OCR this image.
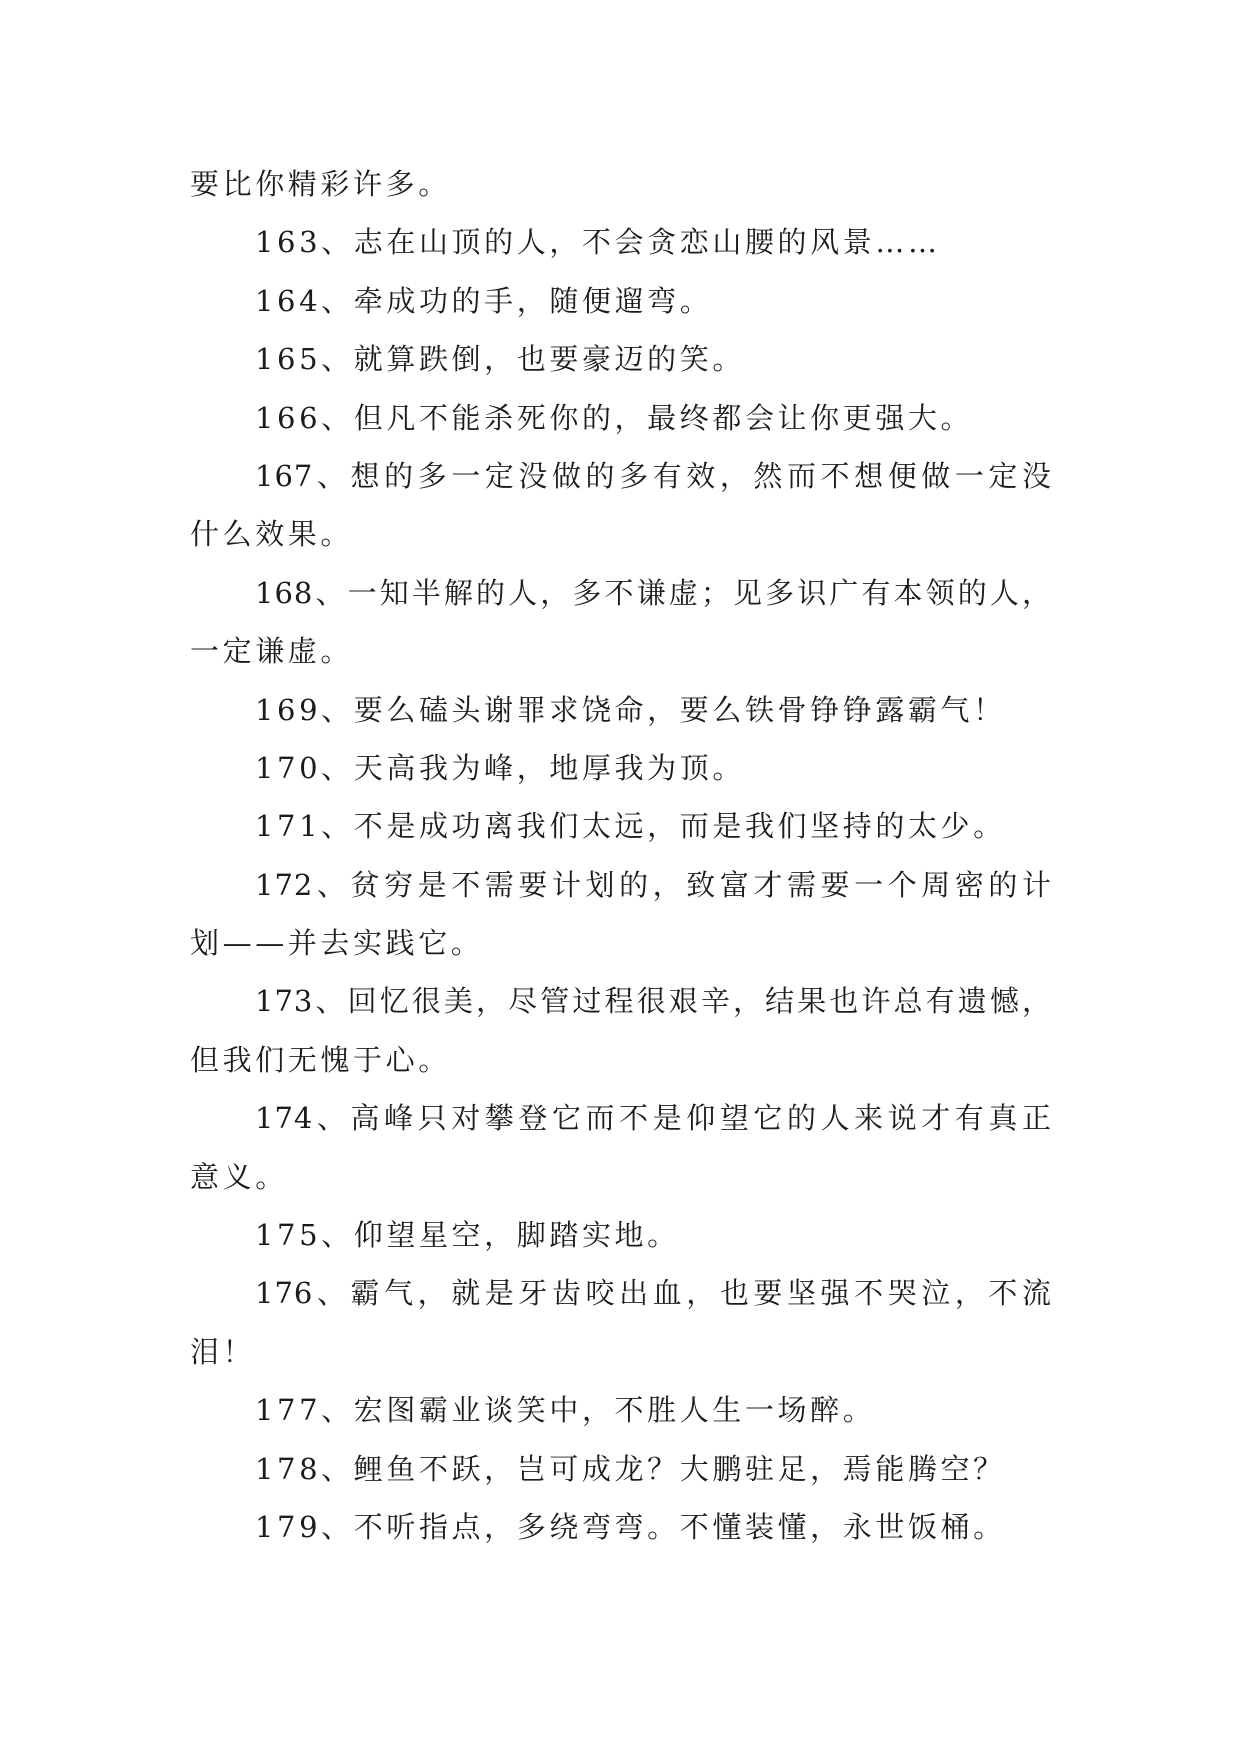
要比你精彩许多。
163、志在山顶的人，不会贪恋山腰的风景……
164、牵成功的手，随便遛弯。
165、就算跌倒，也要豪迈的笑。
166、但凡不能杀死你的，最终都会让你更强大。
167、想的多一定没做的多有效，然而不想便做一定没
什么效果。
168、一知半解的人，多不谦虚；见多识广有本领的人，
一定谦虚。
169、要么磕头谢罪求饶命，要么铁骨铮铮露霸气！
170、天高我为峰，地厚我为顶。
171、不是成功离我们太远，而是我们坚持的太少。
172、贫穷是不需要计划的，致富才需要一个周密的计
划——并去实践它。
173、回忆很美，尽管过程很艰辛，结果也许总有遗憾，
但我们无愧于心。
174、高峰只对攀登它而不是仰望它的人来说才有真正
意义。
175、仰望星空，脚踏实地。
176、霸气，就是牙齿咬出血，也要坚强不哭泣，不流
泪！
177、宏图霸业谈笑中，不胜人生一场醉。
178、鲤鱼不跃，岂可成龙？大鹏驻足，焉能腾空？
179、不听指点，多绕弯弯。不懂装懂，永世饭桶。
